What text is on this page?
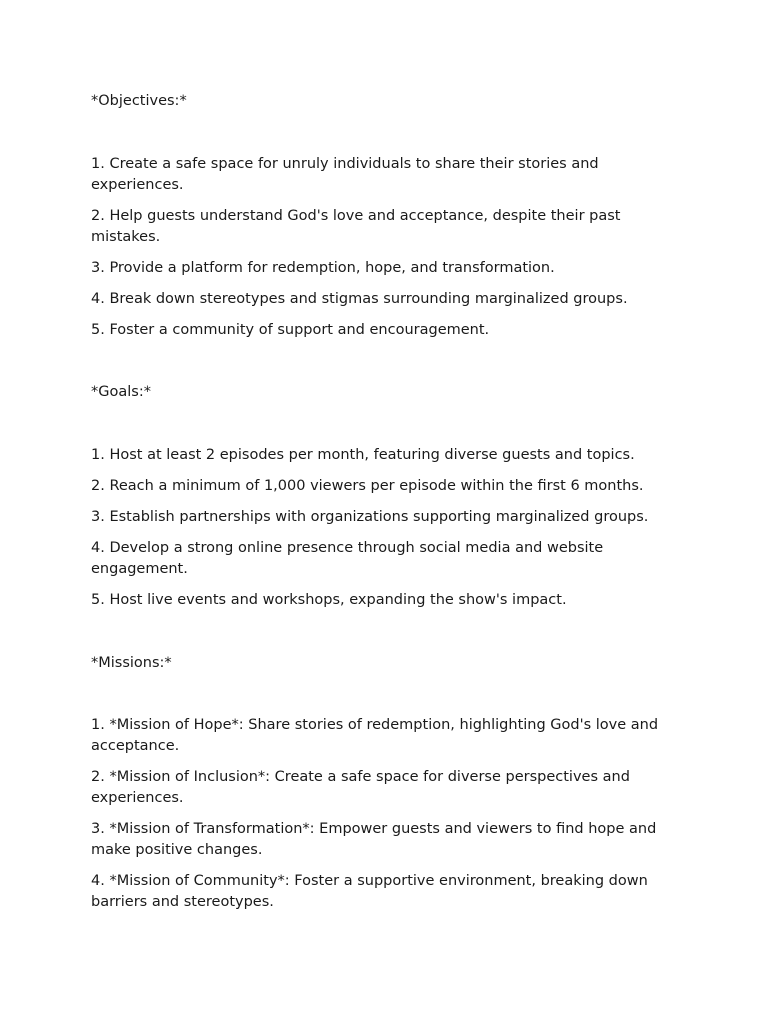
*Objectives:*

1. Create a safe space for unruly individuals to share their stories and experiences.

2. Help guests understand God's love and acceptance, despite their past mistakes.

3. Provide a platform for redemption, hope, and transformation.

4. Break down stereotypes and stigmas surrounding marginalized groups.

5. Foster a community of support and encouragement.

*Goals:*

1. Host at least 2 episodes per month, featuring diverse guests and topics.

2. Reach a minimum of 1,000 viewers per episode within the first 6 months.

3. Establish partnerships with organizations supporting marginalized groups.

4. Develop a strong online presence through social media and website engagement.

5. Host live events and workshops, expanding the show's impact.

*Missions:*

1. *Mission of Hope*: Share stories of redemption, highlighting God's love and acceptance.

2. *Mission of Inclusion*: Create a safe space for diverse perspectives and experiences.

3. *Mission of Transformation*: Empower guests and viewers to find hope and make positive changes.

4. *Mission of Community*: Foster a supportive environment, breaking down barriers and stereotypes.
